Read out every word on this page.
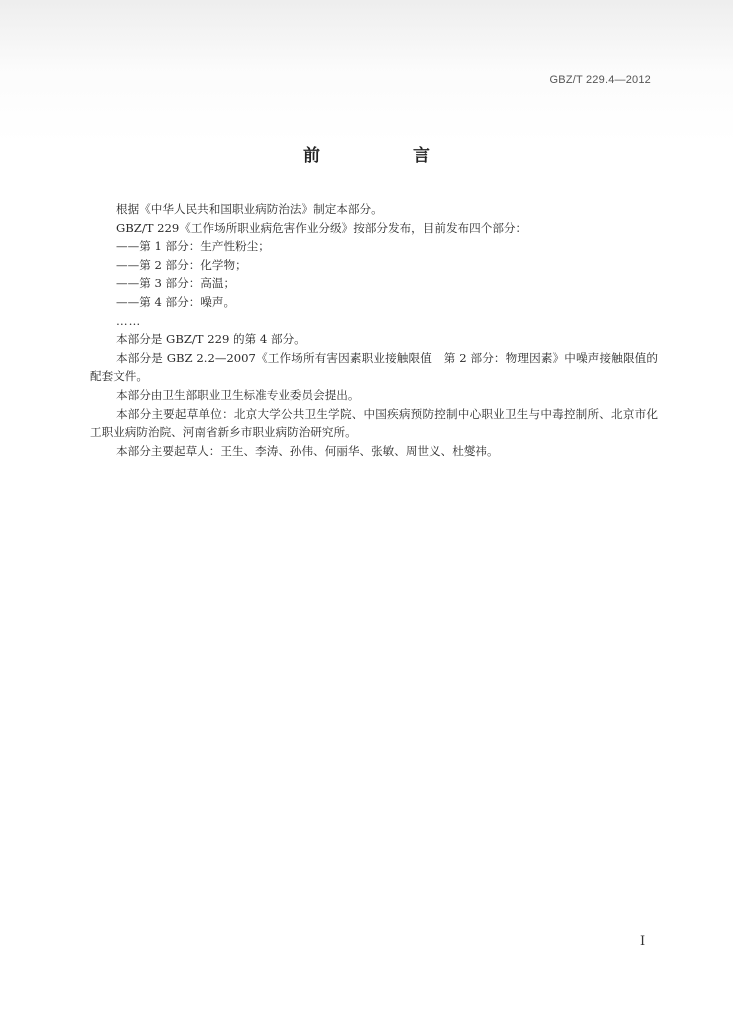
GBZ/T 229.4—2012
前　言

根据《中华人民共和国职业病防治法》制定本部分。

GBZ/T 229《工作场所职业病危害作业分级》按部分发布，目前发布四个部分：

——第 1 部分：生产性粉尘；

——第 2 部分：化学物；

——第 3 部分：高温；

——第 4 部分：噪声。

……

本部分是 GBZ/T 229 的第 4 部分。

本部分是 GBZ 2.2—2007《工作场所有害因素职业接触限值　第 2 部分：物理因素》中噪声接触限值的配套文件。

本部分由卫生部职业卫生标准专业委员会提出。

本部分主要起草单位：北京大学公共卫生学院、中国疾病预防控制中心职业卫生与中毒控制所、北京市化工职业病防治院、河南省新乡市职业病防治研究所。

本部分主要起草人：王生、李涛、孙伟、何丽华、张敏、周世义、杜燮祎。

I
